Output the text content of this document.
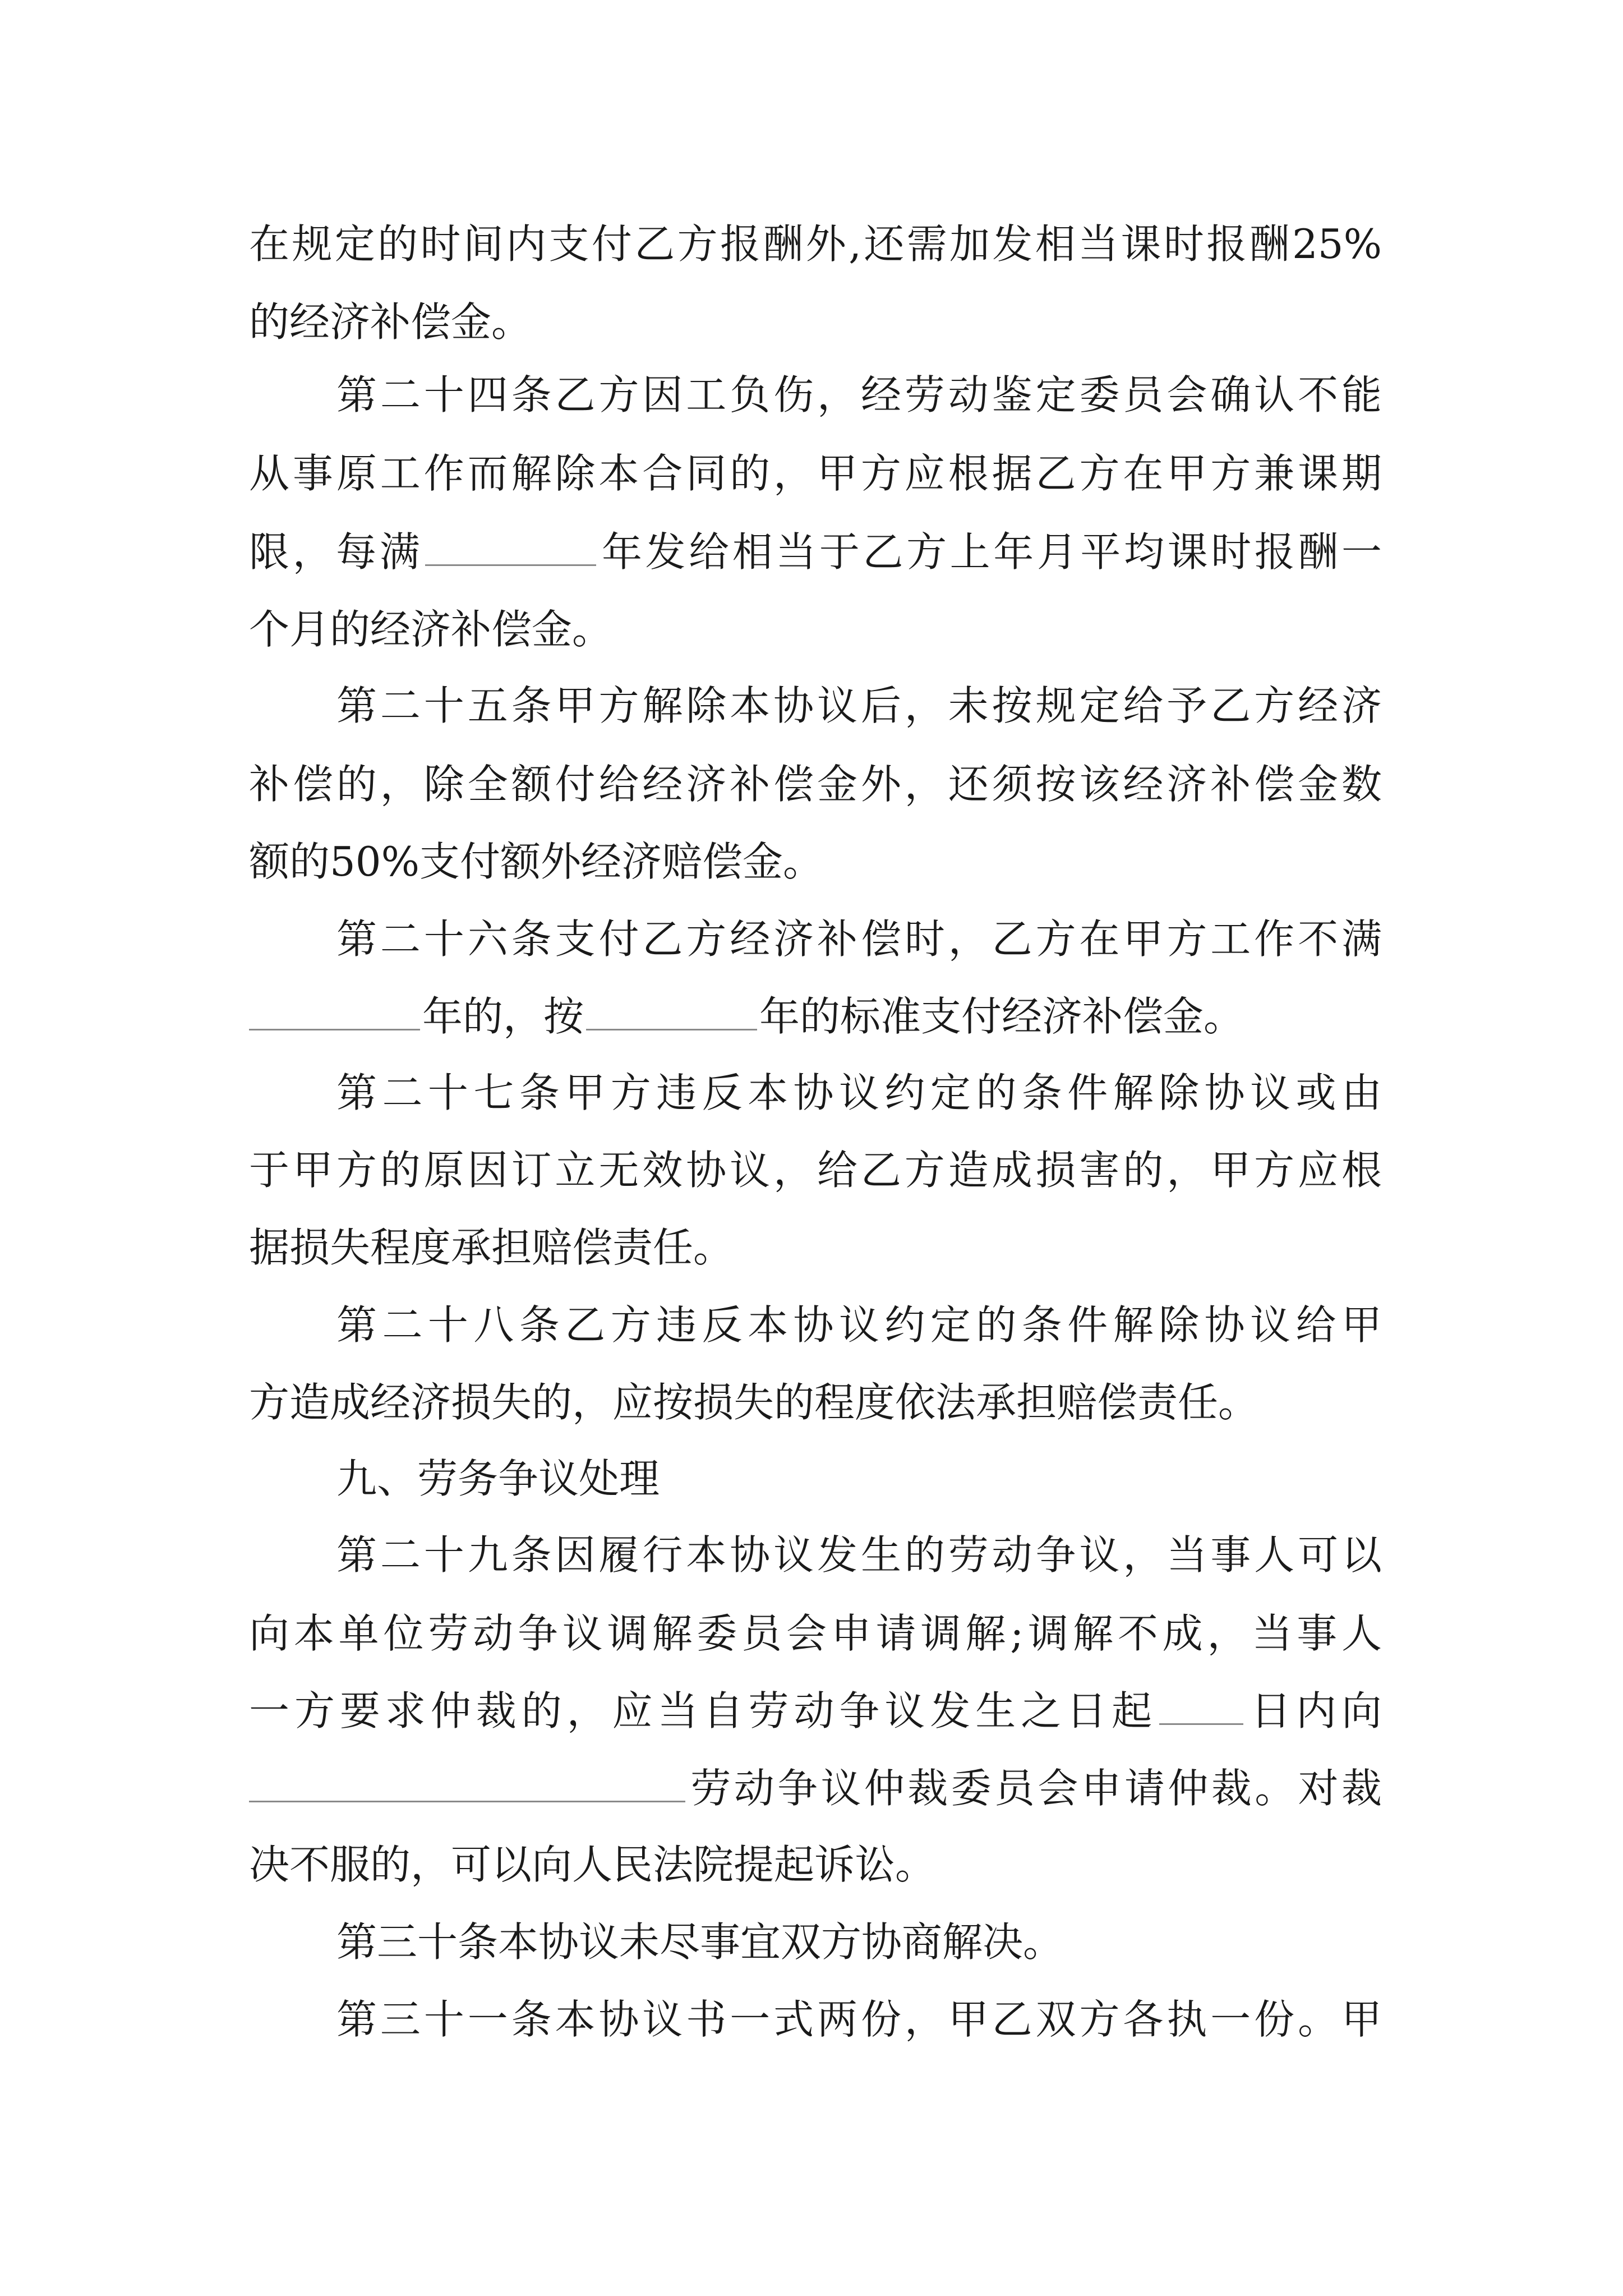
在规定的时间内支付乙方报酬外,还需加发相当课时报酬25%
的经济补偿金。
第二十四条乙方因工负伤，经劳动鉴定委员会确认不能
从事原工作而解除本合同的，甲方应根据乙方在甲方兼课期
限，每满	年发给相当于乙方上年月平均课时报酬一
个月的经济补偿金。
第二十五条甲方解除本协议后，未按规定给予乙方经济
补偿的，除全额付给经济补偿金外，还须按该经济补偿金数
额的50%支付额外经济赔偿金。
第二十六条支付乙方经济补偿时，乙方在甲方工作不满
年的，按	年的标准支付经济补偿金。
第二十七条甲方违反本协议约定的条件解除协议或由
于甲方的原因订立无效协议，给乙方造成损害的，甲方应根
据损失程度承担赔偿责任。
第二十八条乙方违反本协议约定的条件解除协议给甲
方造成经济损失的，应按损失的程度依法承担赔偿责任。
九、劳务争议处理
第二十九条因履行本协议发生的劳动争议，当事人可以
向本单位劳动争议调解委员会申请调解;调解不成，当事人
一方要求仲裁的，应当自劳动争议发生之日起 日内向
劳动争议仲裁委员会申请仲裁。对裁
决不服的，可以向人民法院提起诉讼。
第三十条本协议未尽事宜双方协商解决。
第三十一条本协议书一式两份，甲乙双方各执一份。甲
